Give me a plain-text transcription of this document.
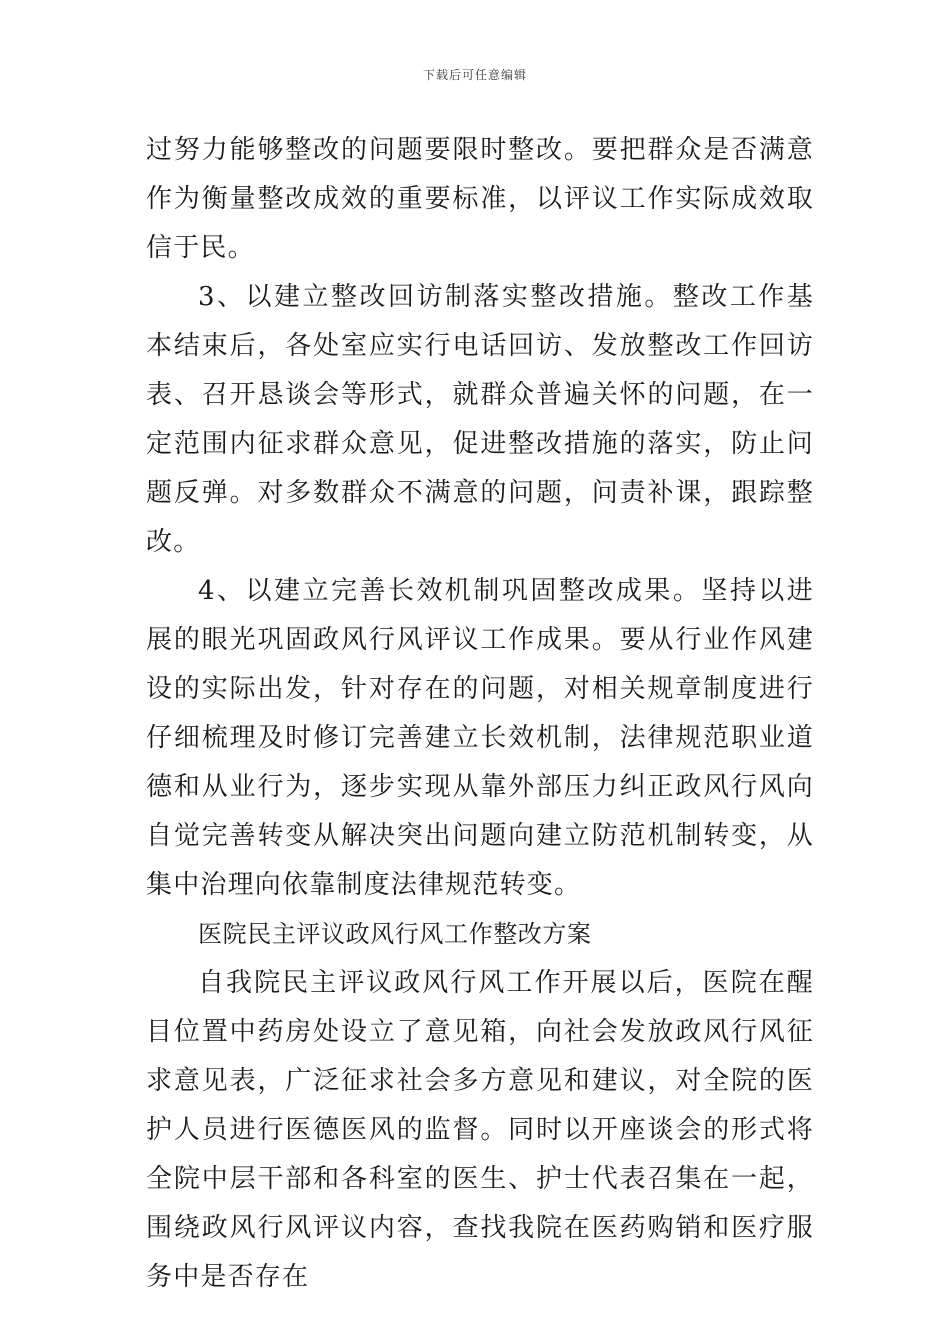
下载后可任意编辑

过努力能够整改的问题要限时整改。要把群众是否满意作为衡量整改成效的重要标准，以评议工作实际成效取信于民。

3、以建立整改回访制落实整改措施。整改工作基本结束后，各处室应实行电话回访、发放整改工作回访表、召开恳谈会等形式，就群众普遍关怀的问题，在一定范围内征求群众意见，促进整改措施的落实，防止问题反弹。对多数群众不满意的问题，问责补课，跟踪整改。

4、以建立完善长效机制巩固整改成果。坚持以进展的眼光巩固政风行风评议工作成果。要从行业作风建设的实际出发，针对存在的问题，对相关规章制度进行仔细梳理及时修订完善建立长效机制，法律规范职业道德和从业行为，逐步实现从靠外部压力纠正政风行风向自觉完善转变从解决突出问题向建立防范机制转变，从集中治理向依靠制度法律规范转变。

医院民主评议政风行风工作整改方案

自我院民主评议政风行风工作开展以后，医院在醒目位置中药房处设立了意见箱，向社会发放政风行风征求意见表，广泛征求社会多方意见和建议，对全院的医护人员进行医德医风的监督。同时以开座谈会的形式将全院中层干部和各科室的医生、护士代表召集在一起，围绕政风行风评议内容，查找我院在医药购销和医疗服务中是否存在
